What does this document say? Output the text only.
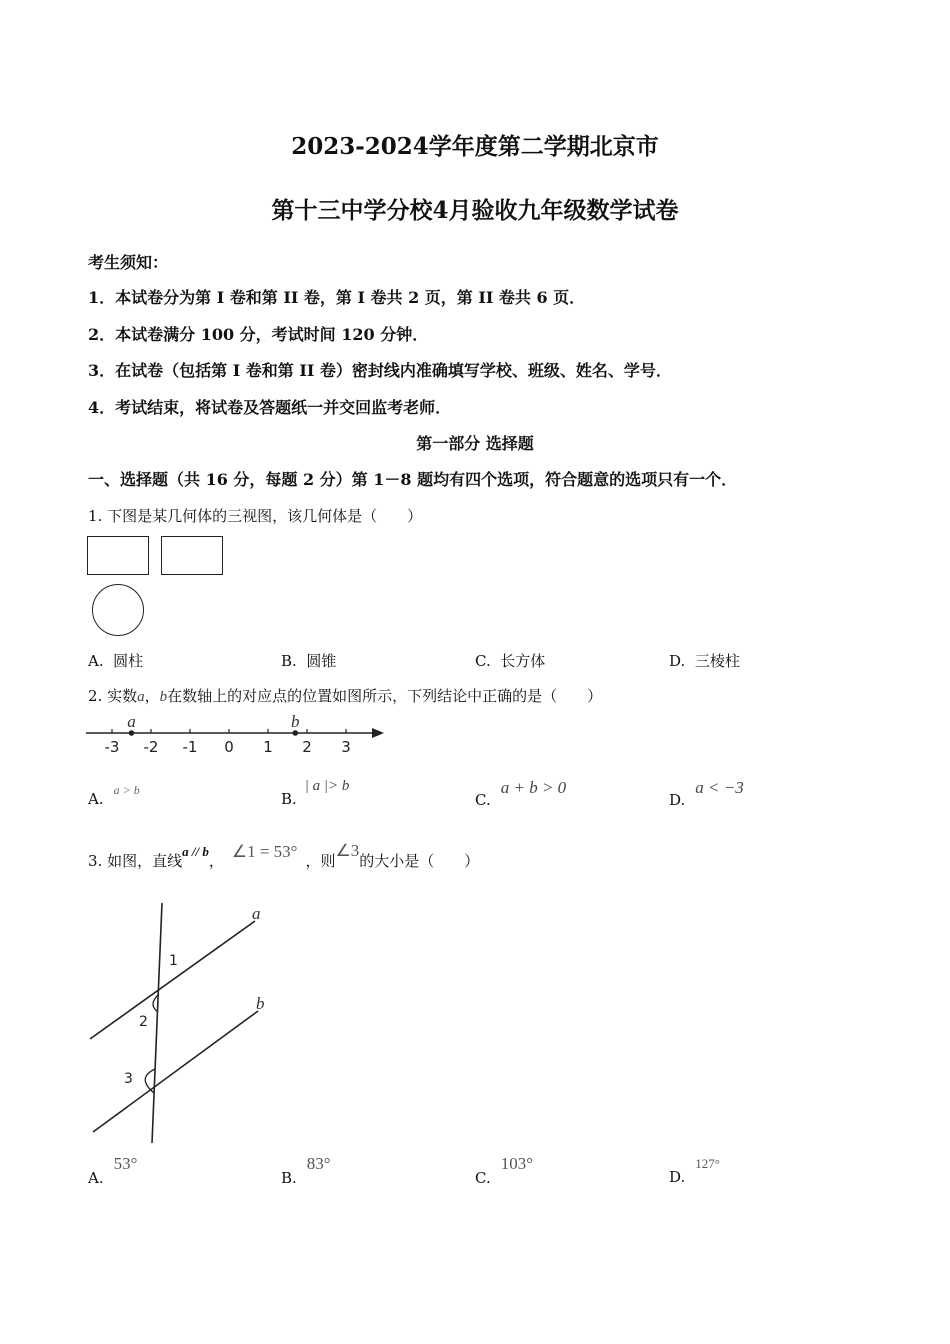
2023-2024学年度第二学期北京市
第十三中学分校4月验收九年级数学试卷
考生须知：
1．本试卷分为第 I 卷和第 II 卷，第 I 卷共 2 页，第 II 卷共 6 页．
2．本试卷满分 100 分，考试时间 120 分钟．
3．在试卷（包括第 I 卷和第 II 卷）密封线内准确填写学校、班级、姓名、学号．
4．考试结束，将试卷及答题纸一并交回监考老师．
第一部分 选择题
一、选择题（共 16 分，每题 2 分）第 1－8 题均有四个选项，符合题意的选项只有一个．
1. 下图是某几何体的三视图，该几何体是（　　）
A. 圆柱	B. 圆锥	C. 长方体	D. 三棱柱
2. 实数a，b在数轴上的对应点的位置如图所示，下列结论中正确的是（　　）
-3 -2 -1 0 1 2 3
a	b
A. $^{a > b}$	B.| a |> b
C.a + b > 0
D.a < −3
3. 如图，直线a // b， ∠1 = 53° ，则∠3的大小是（　　）
a
b
1
2
3
A.53°
B.83°
C.103°
D.127°
